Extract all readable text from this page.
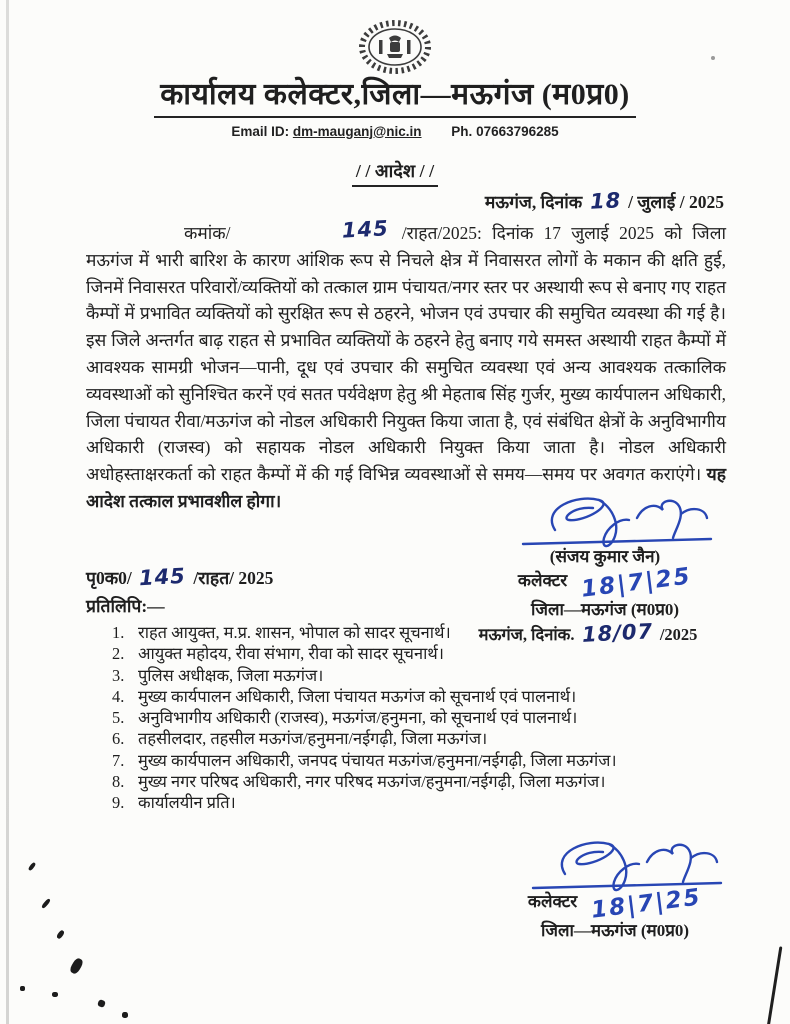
कार्यालय कलेक्टर,जिला—मऊगंज (म0प्र0)
Email ID: dm-mauganj@nic.in Ph. 07663796285
/ / आदेश / /
मऊगंज, दिनांक 18 / जुलाई / 2025
कमांक/	145 /राहत/2025: दिनांक 17 जुलाई 2025 को जिला मऊगंज में भारी बारिश के कारण आंशिक रूप से निचले क्षेत्र में निवासरत लोगों के मकान की क्षति हुई, जिनमें निवासरत परिवारों/व्यक्तियों को तत्काल ग्राम पंचायत/नगर स्तर पर अस्थायी रूप से बनाए गए राहत कैम्पों में प्रभावित व्यक्तियों को सुरक्षित रूप से ठहरने, भोजन एवं उपचार की समुचित व्यवस्था की गई है। इस जिले अन्तर्गत बाढ़ राहत से प्रभावित व्यक्तियों के ठहरने हेतु बनाए गये समस्त अस्थायी राहत कैम्पों में आवश्यक सामग्री भोजन—पानी, दूध एवं उपचार की समुचित व्यवस्था एवं अन्य आवश्यक तत्कालिक व्यवस्थाओं को सुनिश्चित करनें एवं सतत पर्यवेक्षण हेतु श्री मेहताब सिंह गुर्जर, मुख्य कार्यपालन अधिकारी, जिला पंचायत रीवा/मऊगंज को नोडल अधिकारी नियुक्त किया जाता है, एवं संबंधित क्षेत्रों के अनुविभागीय अधिकारी (राजस्व) को सहायक नोडल अधिकारी नियुक्त किया जाता है। नोडल अधिकारी अधोहस्ताक्षरकर्ता को राहत कैम्पों में की गई विभिन्न व्यवस्थाओं से समय—समय पर अवगत कराएंगे। यह आदेश तत्काल प्रभावशील होगा।
(संजय कुमार जैन)
कलेक्टर 18|7|25
जिला—मऊगंज (म0प्र0)
मऊगंज, दिनांक. 18/07 /2025
पृ0क0/ 145 /राहत/ 2025
प्रतिलिपि:—
1. राहत आयुक्त, म.प्र. शासन, भोपाल को सादर सूचनार्थ।
2. आयुक्त महोदय, रीवा संभाग, रीवा को सादर सूचनार्थ।
3. पुलिस अधीक्षक, जिला मऊगंज।
4. मुख्य कार्यपालन अधिकारी, जिला पंचायत मऊगंज को सूचनार्थ एवं पालनार्थ।
5. अनुविभागीय अधिकारी (राजस्व), मऊगंज/हनुमना, को सूचनार्थ एवं पालनार्थ।
6. तहसीलदार, तहसील मऊगंज/हनुमना/नईगढ़ी, जिला मऊगंज।
7. मुख्य कार्यपालन अधिकारी, जनपद पंचायत मऊगंज/हनुमना/नईगढ़ी, जिला मऊगंज।
8. मुख्य नगर परिषद अधिकारी, नगर परिषद मऊगंज/हनुमना/नईगढ़ी, जिला मऊगंज।
9. कार्यालयीन प्रति।
कलेक्टर 18|7|25
जिला—मऊगंज (म0प्र0)
